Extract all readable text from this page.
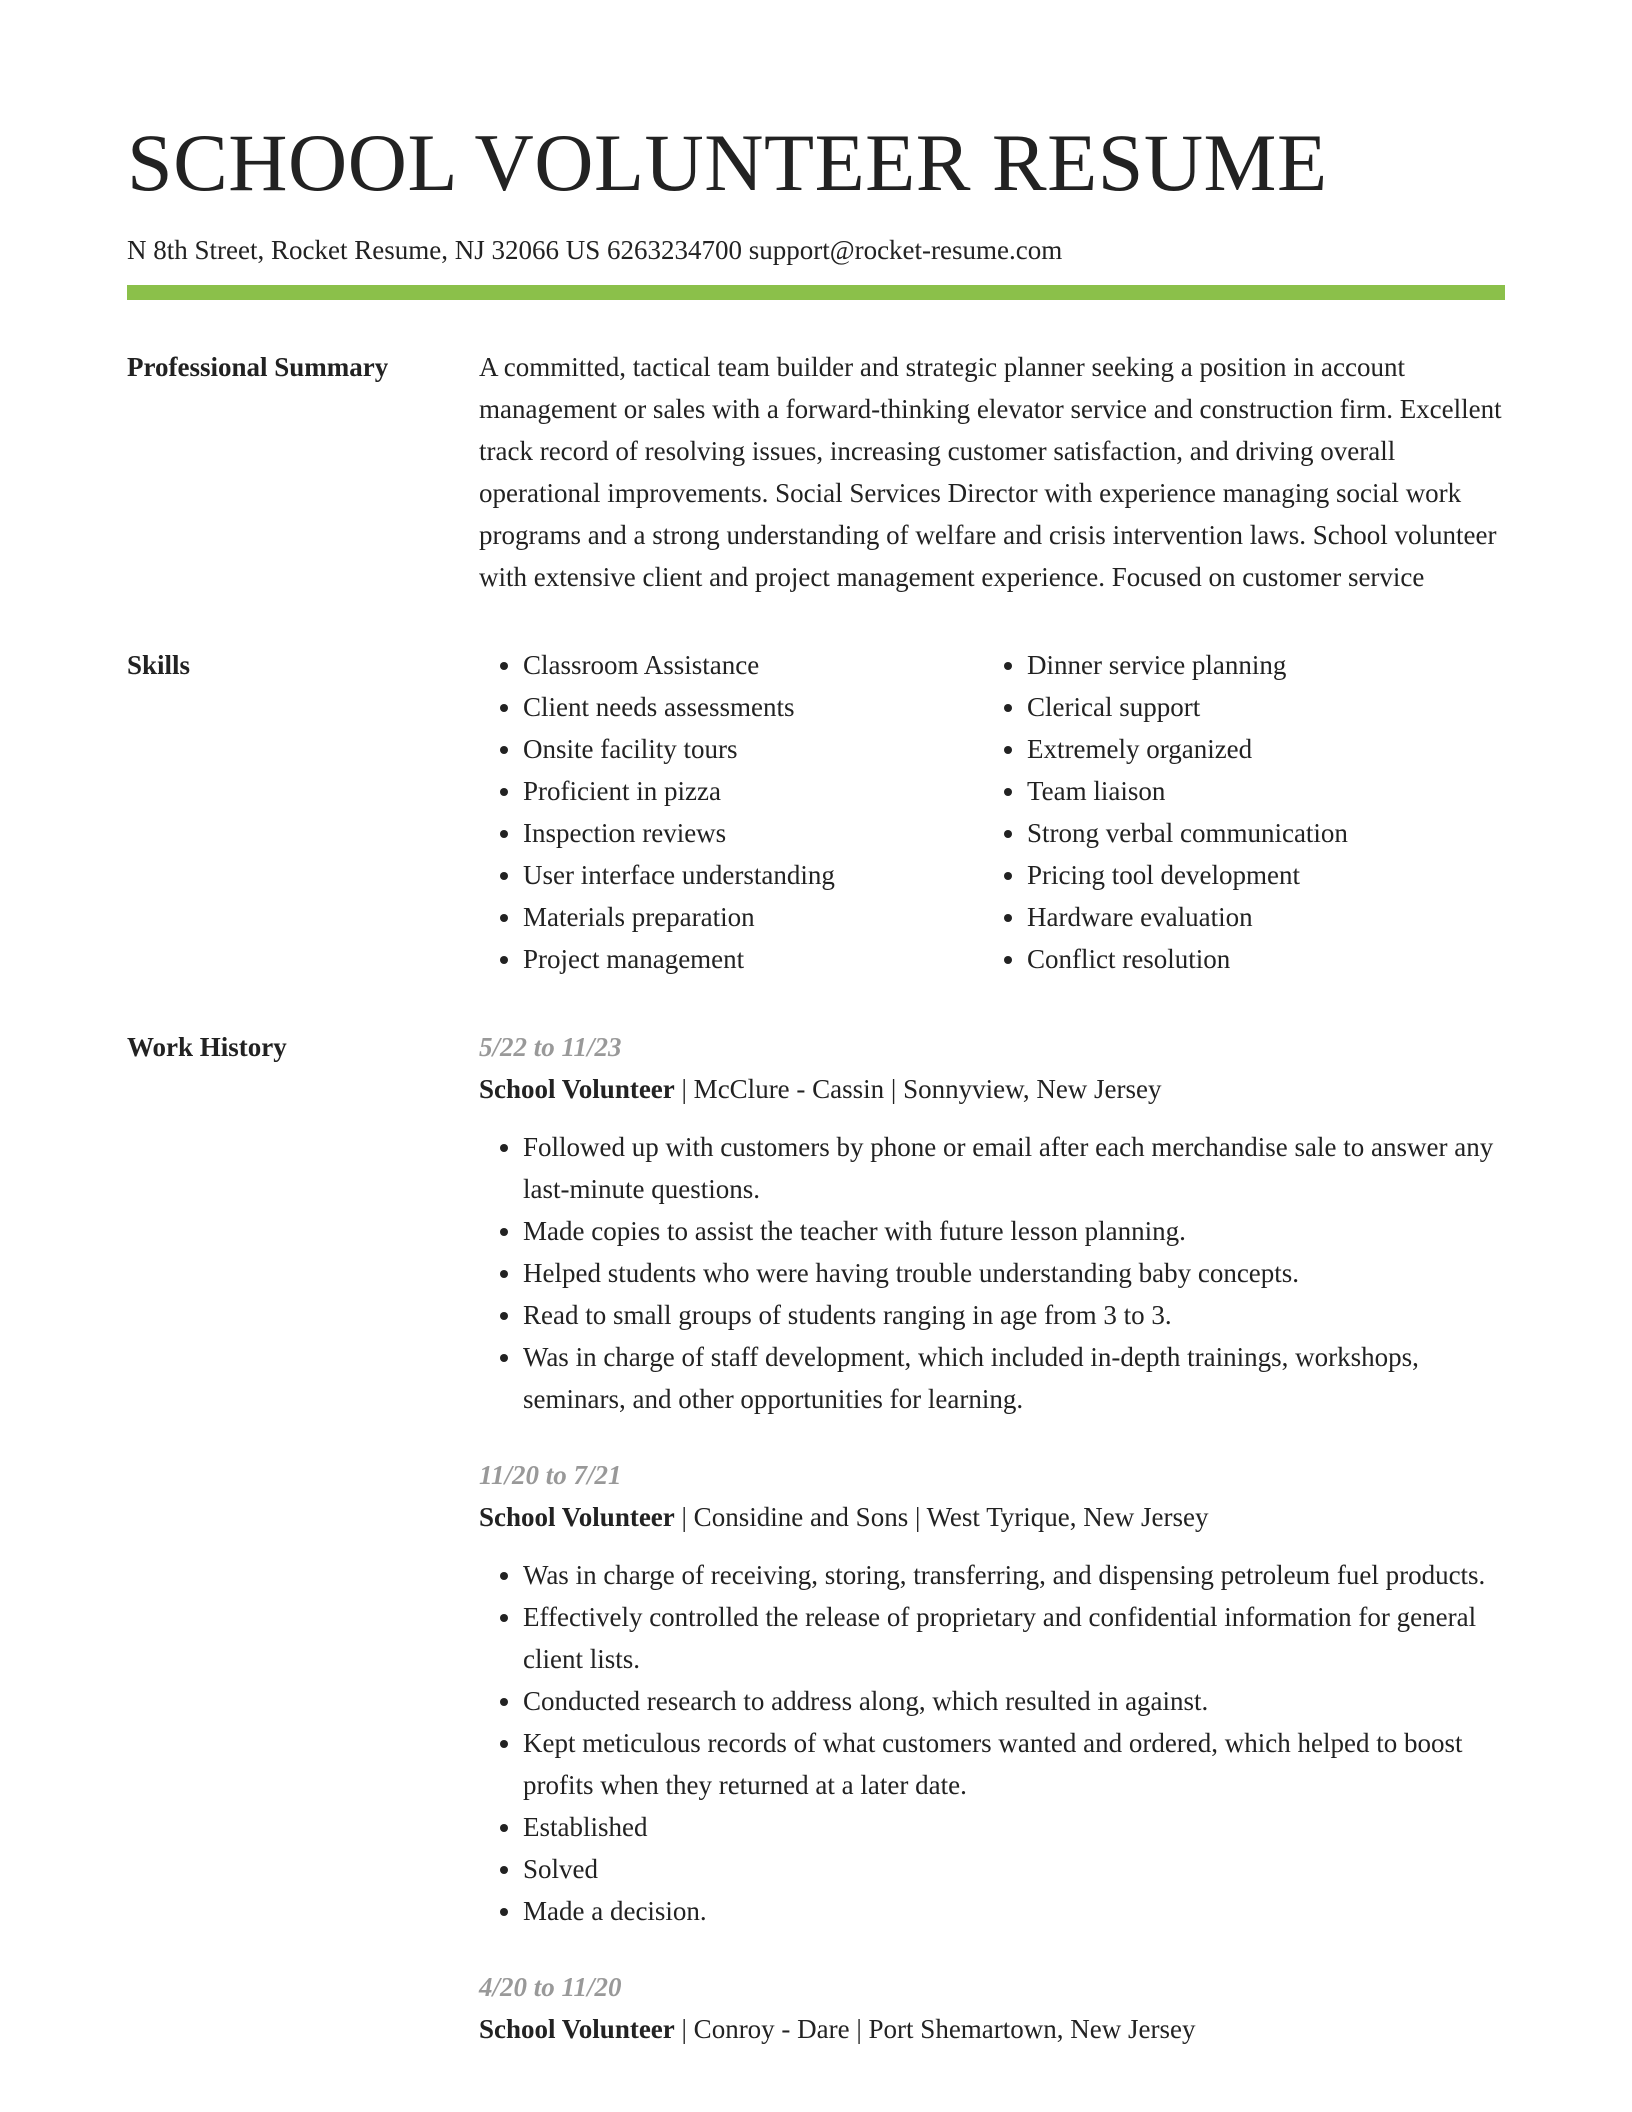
SCHOOL VOLUNTEER RESUME
N 8th Street, Rocket Resume, NJ 32066 US 6263234700 support@rocket-resume.com
Professional Summary	A committed, tactical team builder and strategic planner seeking a position in account management or sales with a forward-thinking elevator service and construction firm. Excellent track record of resolving issues, increasing customer satisfaction, and driving overall operational improvements. Social Services Director with experience managing social work programs and a strong understanding of welfare and crisis intervention laws. School volunteer with extensive client and project management experience. Focused on customer service

Skills
•	Classroom Assistance
• Client needs assessments
• Onsite facility tours
• Proficient in pizza
• Inspection reviews
• User interface understanding
• Materials preparation
• Project management
• Dinner service planning
• Clerical support
• Extremely organized
• Team liaison
• Strong verbal communication
• Pricing tool development
• Hardware evaluation
• Conflict resolution
Work History	5/22 to 11/23
School Volunteer | McClure - Cassin | Sonnyview, New Jersey
• Followed up with customers by phone or email after each merchandise sale to answer any last-minute questions.
• Made copies to assist the teacher with future lesson planning.
• Helped students who were having trouble understanding baby concepts.
• Read to small groups of students ranging in age from 3 to 3.
• Was in charge of staff development, which included in-depth trainings, workshops, seminars, and other opportunities for learning.
11/20 to 7/21
School Volunteer | Considine and Sons | West Tyrique, New Jersey
• Was in charge of receiving, storing, transferring, and dispensing petroleum fuel products.
• Effectively controlled the release of proprietary and confidential information for general client lists.
• Conducted research to address along, which resulted in against.
• Kept meticulous records of what customers wanted and ordered, which helped to boost profits when they returned at a later date.
• Established
• Solved
• Made a decision.
4/20 to 11/20
School Volunteer | Conroy - Dare | Port Shemartown, New Jersey
